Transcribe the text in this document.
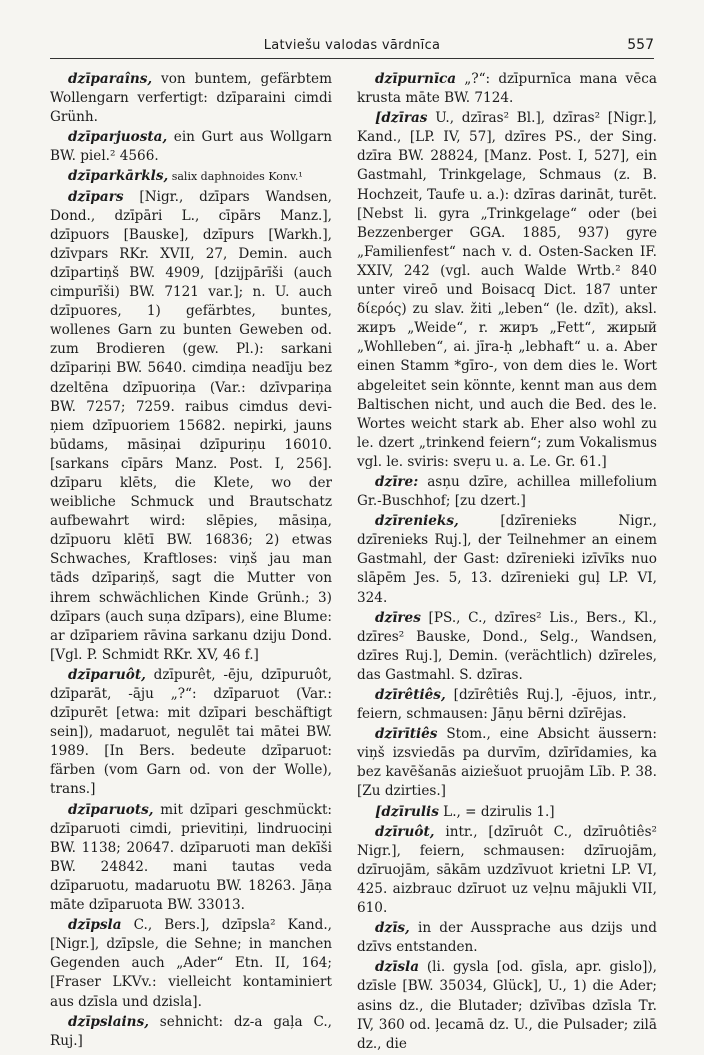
Latviešu valodas vārdnīca	557

dzīparaîns, von buntem, gefärbtem Wollengarn verfertigt: dzīparaini cimdi Grünh.

dzīparjuosta, ein Gurt aus Wollgarn BW. piel.² 4566.

dzīparkārkls, salix daphnoides Konv.¹

dzīpars [Nigr., dzīpars Wandsen, Dond., dzīpāri L., cīpārs Manz.], dzīpuors [Bauske], dzīpurs [Warkh.], dzīvpars RKr. XVII, 27, Demin. auch dzīpartiņš BW. 4909, [dzijpārīši (auch cimpurīši) BW. 7121 var.]; n. U. auch dzīpuores, 1) gefärbtes, buntes, wollenes Garn zu bunten Geweben od. zum Brodieren (gew. Pl.): sarkani dzīpariņi BW. 5640. cimdiņa neadīju bez dzeltēna dzīpuoriņa (Var.: dzīvpariņa BW. 7257; 7259. raibus cimdus devi-ņiem dzīpuoriem 15682. nepirki, jauns būdams, māsiņai dzīpuriņu 16010. [sarkans cīpārs Manz. Post. I, 256]. dzīparu klēts, die Klete, wo der weibliche Schmuck und Brautschatz aufbewahrt wird: slēpies, māsiņa, dzīpuoru klētī BW. 16836; 2) etwas Schwaches, Kraftloses: viņš jau man tāds dzīpariņš, sagt die Mutter von ihrem schwächlichen Kinde Grünh.; 3) dzīpars (auch suņa dzīpars), eine Blume: ar dzīpariem rāvina sarkanu dziju Dond. [Vgl. P. Schmidt RKr. XV, 46 f.]

dzīparuôt, dzīpurêt, -ēju, dzīpuruôt, dzīparāt, -āju „?“: dzīparuot (Var.: dzīpurēt [etwa: mit dzīpari beschäftigt sein]), madaruot, negulēt tai mātei BW. 1989. [In Bers. bedeute dzīparuot: färben (vom Garn od. von der Wolle), trans.]

dzīparuots, mit dzīpari geschmückt: dzīparuoti cimdi, prievitiņi, lindruociņi BW. 1138; 20647. dzīparuoti man dekīši BW. 24842. mani tautas veda dzīparuotu, madaruotu BW. 18263. Jāņa māte dzīparuota BW. 33013.

dzīpsla C., Bers.], dzīpsla² Kand., [Nigr.], dzīpsle, die Sehne; in manchen Gegenden auch „Ader“ Etn. II, 164; [Fraser LKVv.: vielleicht kontaminiert aus dzīsla und dzisla].

dzīpslains, sehnicht: dz-a gaļa C., Ruj.]

dzīpurnīca „?“: dzīpurnīca mana vēca krusta māte BW. 7124.

[dzīras U., dzīras² Bl.], dzīras² [Nigr.], Kand., [LP. IV, 57], dzīres PS., der Sing. dzīra BW. 28824, [Manz. Post. I, 527], ein Gastmahl, Trinkgelage, Schmaus (z. B. Hochzeit, Taufe u. a.): dzīras darināt, turēt. [Nebst li. gyra „Trinkgelage“ oder (bei Bezzenberger GGA. 1885, 937) gyre „Familienfest“ nach v. d. Osten-Sacken IF. XXIV, 242 (vgl. auch Walde Wrtb.² 840 unter vireō und Boisacq Dict. 187 unter δίερός) zu slav. žiti „leben“ (le. dzīt), aksl. жиръ „Weide“, r. жиръ „Fett“, жирый „Wohlleben“, ai. jīra-ḥ „lebhaft“ u. a. Aber einen Stamm *gīro-, von dem dies le. Wort abgeleitet sein könnte, kennt man aus dem Baltischen nicht, und auch die Bed. des le. Wortes weicht stark ab. Eher also wohl zu le. dzert „trinkend feiern“; zum Vokalismus vgl. le. sviris: sveŗu u. a. Le. Gr. 61.]

dzīre: asņu dzīre, achillea millefolium Gr.-Buschhof; [zu dzert.]

dzīrenieks, [dzīrenieks Nigr., dzīrenieks Ruj.], der Teilnehmer an einem Gastmahl, der Gast: dzīrenieki izīvīks nuo slāpēm Jes. 5, 13. dzīrenieki guļ LP. VI, 324.

dzīres [PS., C., dzīres² Lis., Bers., Kl., dzīres² Bauske, Dond., Selg., Wandsen, dzīres Ruj.], Demin. (verächtlich) dzīreles, das Gastmahl. S. dzīras.

dzīrêtiês, [dzīrêtiês Ruj.], -ējuos, intr., feiern, schmausen: Jāņu bērni dzīrējas.

dzīrītiês Stom., eine Absicht äussern: viņš izsviedās pa durvīm, dzīrīdamies, ka bez kavēšanās aiziešuot pruojām Līb. P. 38. [Zu dzirties.]

[dzīrulis L., = dzirulis 1.]

dzīruôt, intr., [dzīruôt C., dzīruôtiês² Nigr.], feiern, schmausen: dzīruojām, dzīruojām, sākām uzdzīvuot krietni LP. VI, 425. aizbrauc dzīruot uz veļnu mājukli VII, 610.

dzīs, in der Aussprache aus dzijs und dzīvs entstanden.

dzīsla (li. gysla [od. gīsla, apr. gislo]), dzīsle [BW. 35034, Glück], U., 1) die Ader; asins dz., die Blutader; dzīvības dzīsla Tr. IV, 360 od. ļecamā dz. U., die Pulsader; zilā dz., die
